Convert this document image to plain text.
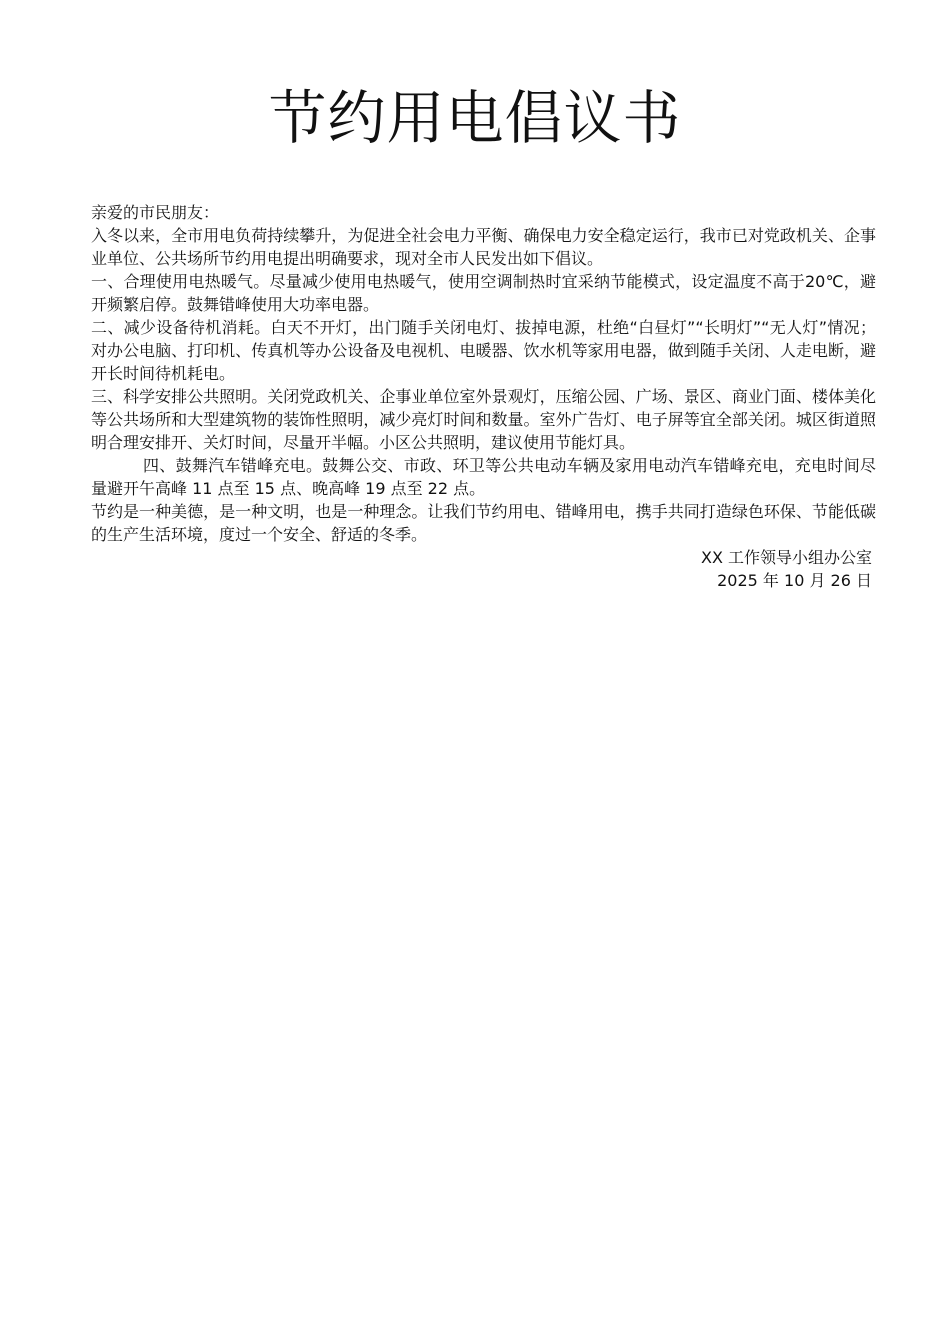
节约用电倡议书

亲爱的市民朋友：

入冬以来，全市用电负荷持续攀升，为促进全社会电力平衡、确保电力安全稳定运行，我市已对党政机关、企事业单位、公共场所节约用电提出明确要求，现对全市人民发出如下倡议。

一、合理使用电热暖气。尽量减少使用电热暖气，使用空调制热时宜采纳节能模式，设定温度不高于20℃，避开频繁启停。鼓舞错峰使用大功率电器。

二、减少设备待机消耗。白天不开灯，出门随手关闭电灯、拔掉电源，杜绝“白昼灯”“长明灯”“无人灯”情况；对办公电脑、打印机、传真机等办公设备及电视机、电暖器、饮水机等家用电器，做到随手关闭、人走电断，避开长时间待机耗电。

三、科学安排公共照明。关闭党政机关、企事业单位室外景观灯，压缩公园、广场、景区、商业门面、楼体美化等公共场所和大型建筑物的装饰性照明，减少亮灯时间和数量。室外广告灯、电子屏等宜全部关闭。城区街道照明合理安排开、关灯时间，尽量开半幅。小区公共照明，建议使用节能灯具。

四、鼓舞汽车错峰充电。鼓舞公交、市政、环卫等公共电动车辆及家用电动汽车错峰充电，充电时间尽量避开午高峰 11 点至 15 点、晚高峰 19 点至 22 点。

节约是一种美德，是一种文明，也是一种理念。让我们节约用电、错峰用电，携手共同打造绿色环保、节能低碳的生产生活环境，度过一个安全、舒适的冬季。

XX 工作领导小组办公室

2025 年 10 月 26 日
